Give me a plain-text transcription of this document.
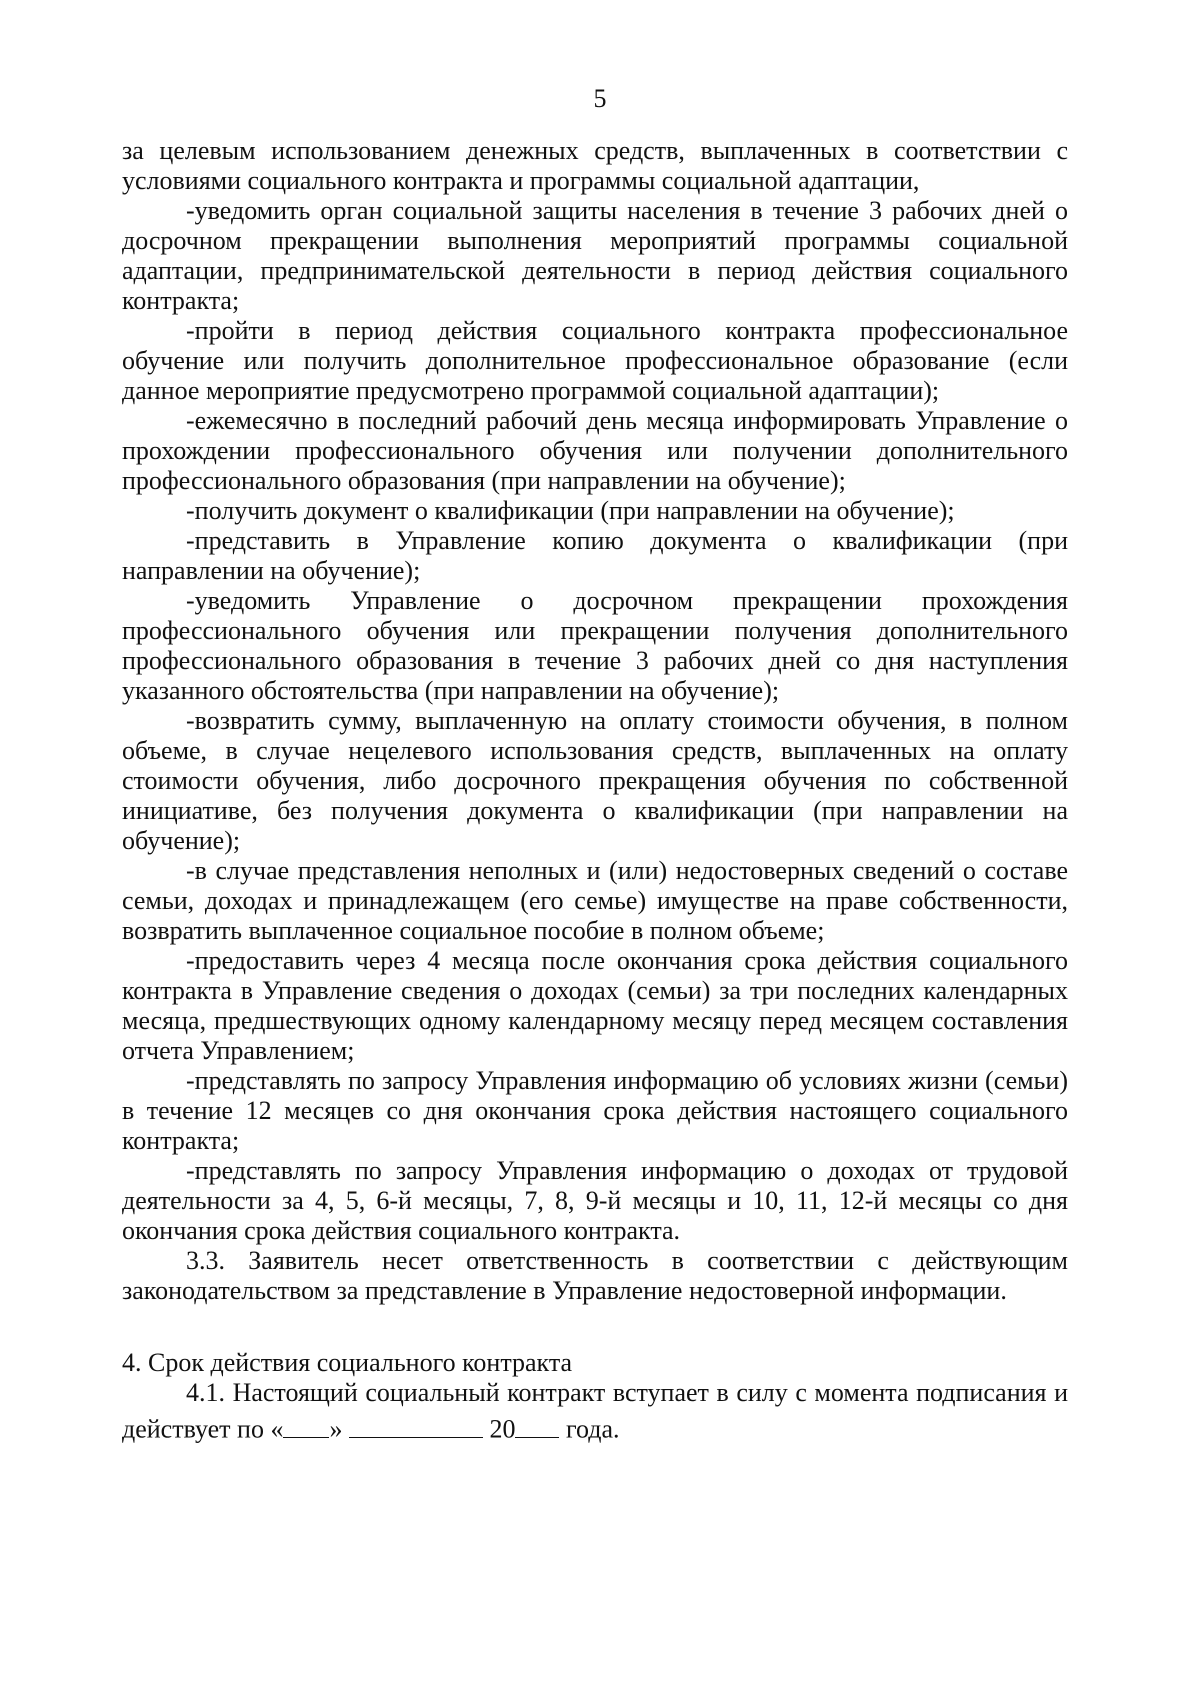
5

за целевым использованием денежных средств, выплаченных в соответствии с условиями социального контракта и программы социальной адаптации,

-уведомить орган социальной защиты населения в течение 3 рабочих дней о досрочном прекращении выполнения мероприятий программы социальной адаптации, предпринимательской деятельности в период действия социального контракта;

-пройти в период действия социального контракта профессиональное обучение или получить дополнительное профессиональное образование (если данное мероприятие предусмотрено программой социальной адаптации);

-ежемесячно в последний рабочий день месяца информировать Управление о прохождении профессионального обучения или получении дополнительного профессионального образования (при направлении на обучение);

-получить документ о квалификации (при направлении на обучение);

-представить в Управление копию документа о квалификации (при направлении на обучение);

-уведомить Управление о досрочном прекращении прохождения профессионального обучения или прекращении получения дополнительного профессионального образования в течение 3 рабочих дней со дня наступления указанного обстоятельства (при направлении на обучение);

-возвратить сумму, выплаченную на оплату стоимости обучения, в полном объеме, в случае нецелевого использования средств, выплаченных на оплату стоимости обучения, либо досрочного прекращения обучения по собственной инициативе, без получения документа о квалификации (при направлении на обучение);

-в случае представления неполных и (или) недостоверных сведений о составе семьи, доходах и принадлежащем (его семье) имуществе на праве собственности, возвратить выплаченное социальное пособие в полном объеме;

-предоставить через 4 месяца после окончания срока действия социального контракта в Управление сведения о доходах (семьи) за три последних календарных месяца, предшествующих одному календарному месяцу перед месяцем составления отчета Управлением;

-представлять по запросу Управления информацию об условиях жизни (семьи) в течение 12 месяцев со дня окончания срока действия настоящего социального контракта;

-представлять по запросу Управления информацию о доходах от трудовой деятельности за 4, 5, 6-й месяцы, 7, 8, 9-й месяцы и 10, 11, 12-й месяцы со дня окончания срока действия социального контракта.

3.3. Заявитель несет ответственность в соответствии с действующим законодательством за представление в Управление недостоверной информации.

4. Срок действия социального контракта

4.1. Настоящий социальный контракт вступает в силу с момента подписания и действует по « »	20 года.
